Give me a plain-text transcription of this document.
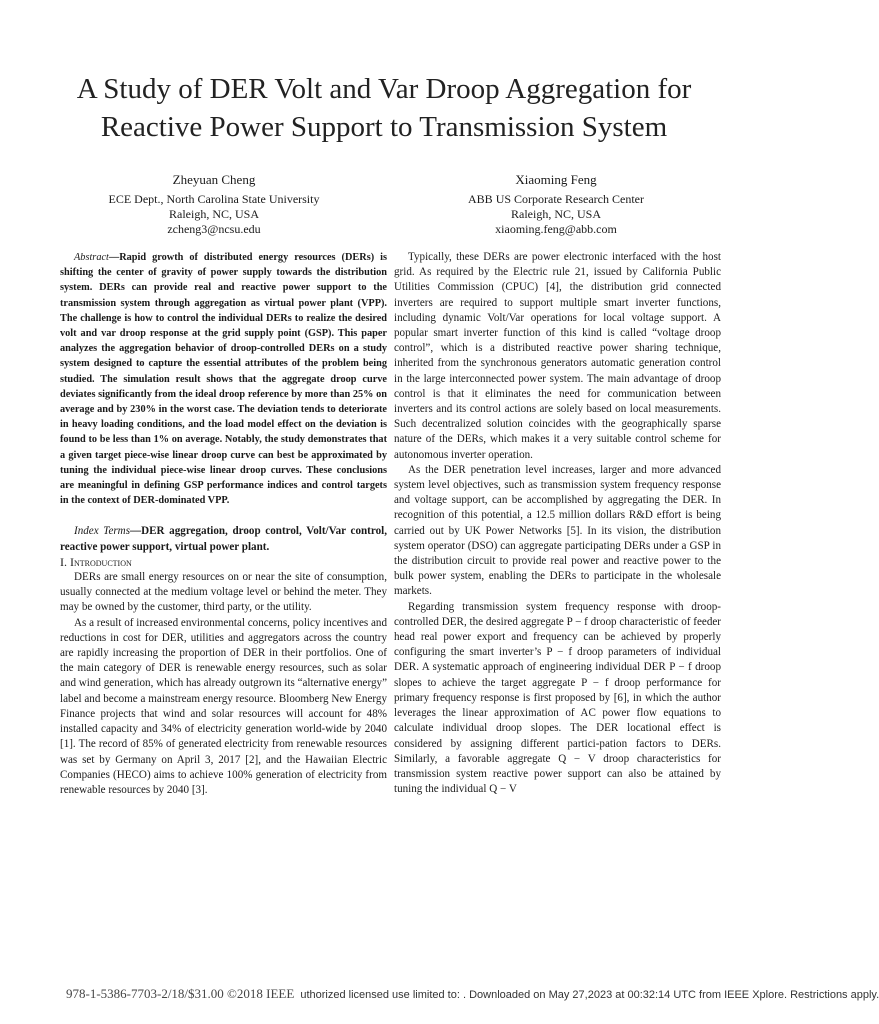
A Study of DER Volt and Var Droop Aggregation for Reactive Power Support to Transmission System
Zheyuan Cheng
ECE Dept., North Carolina State University
Raleigh, NC, USA
zcheng3@ncsu.edu
Xiaoming Feng
ABB US Corporate Research Center
Raleigh, NC, USA
xiaoming.feng@abb.com

Abstract—Rapid growth of distributed energy resources (DERs) is shifting the center of gravity of power supply towards the distribution system. DERs can provide real and reactive power support to the transmission system through aggregation as virtual power plant (VPP). The challenge is how to control the individual DERs to realize the desired volt and var droop response at the grid supply point (GSP). This paper analyzes the aggregation behavior of droop-controlled DERs on a study system designed to capture the essential attributes of the problem being studied. The simulation result shows that the aggregate droop curve deviates significantly from the ideal droop reference by more than 25% on average and by 230% in the worst case. The deviation tends to deteriorate in heavy loading conditions, and the load model effect on the deviation is found to be less than 1% on average. Notably, the study demonstrates that a given target piece-wise linear droop curve can best be approximated by tuning the individual piece-wise linear droop curves. These conclusions are meaningful in defining GSP performance indices and control targets in the context of DER-dominated VPP.

Index Terms—DER aggregation, droop control, Volt/Var control, reactive power support, virtual power plant.

I. Introduction

DERs are small energy resources on or near the site of consumption, usually connected at the medium voltage level or behind the meter. They may be owned by the customer, third party, or the utility.

As a result of increased environmental concerns, policy incentives and reductions in cost for DER, utilities and aggregators across the country are rapidly increasing the proportion of DER in their portfolios. One of the main category of DER is renewable energy resources, such as solar and wind generation, which has already outgrown its “alternative energy” label and become a mainstream energy resource. Bloomberg New Energy Finance projects that wind and solar resources will account for 48% installed capacity and 34% of electricity generation world-wide by 2040 [1]. The record of 85% of generated electricity from renewable resources was set by Germany on April 3, 2017 [2], and the Hawaiian Electric Companies (HECO) aims to achieve 100% generation of electricity from renewable resources by 2040 [3].

Typically, these DERs are power electronic interfaced with the host grid. As required by the Electric rule 21, issued by California Public Utilities Commission (CPUC) [4], the distribution grid connected inverters are required to support multiple smart inverter functions, including dynamic Volt/Var operations for local voltage support. A popular smart inverter function of this kind is called “voltage droop control”, which is a distributed reactive power sharing technique, inherited from the synchronous generators automatic generation control in the large interconnected power system. The main advantage of droop control is that it eliminates the need for communication between inverters and its control actions are solely based on local measurements. Such decentralized solution coincides with the geographically sparse nature of the DERs, which makes it a very suitable control scheme for autonomous inverter operation.

As the DER penetration level increases, larger and more advanced system level objectives, such as transmission system frequency response and voltage support, can be accomplished by aggregating the DER. In recognition of this potential, a 12.5 million dollars R&D effort is being carried out by UK Power Networks [5]. In its vision, the distribution system operator (DSO) can aggregate participating DERs under a GSP in the distribution circuit to provide real power and reactive power to the bulk power system, enabling the DERs to participate in the wholesale markets.

Regarding transmission system frequency response with droop-controlled DER, the desired aggregate P − f droop characteristic of feeder head real power export and frequency can be achieved by properly configuring the smart inverter’s P − f droop parameters of individual DER. A systematic approach of engineering individual DER P − f droop slopes to achieve the target aggregate P − f droop performance for primary frequency response is first proposed by [6], in which the author leverages the linear approximation of AC power flow equations to calculate individual droop slopes. The DER locational effect is considered by assigning different partici-pation factors to DERs. Similarly, a favorable aggregate Q − V droop characteristics for transmission system reactive power support can also be attained by tuning the individual Q − V

978-1-5386-7703-2/18/$31.00 ©2018 IEEE uthorized licensed use limited to: . Downloaded on May 27,2023 at 00:32:14 UTC from IEEE Xplore. Restrictions apply.
